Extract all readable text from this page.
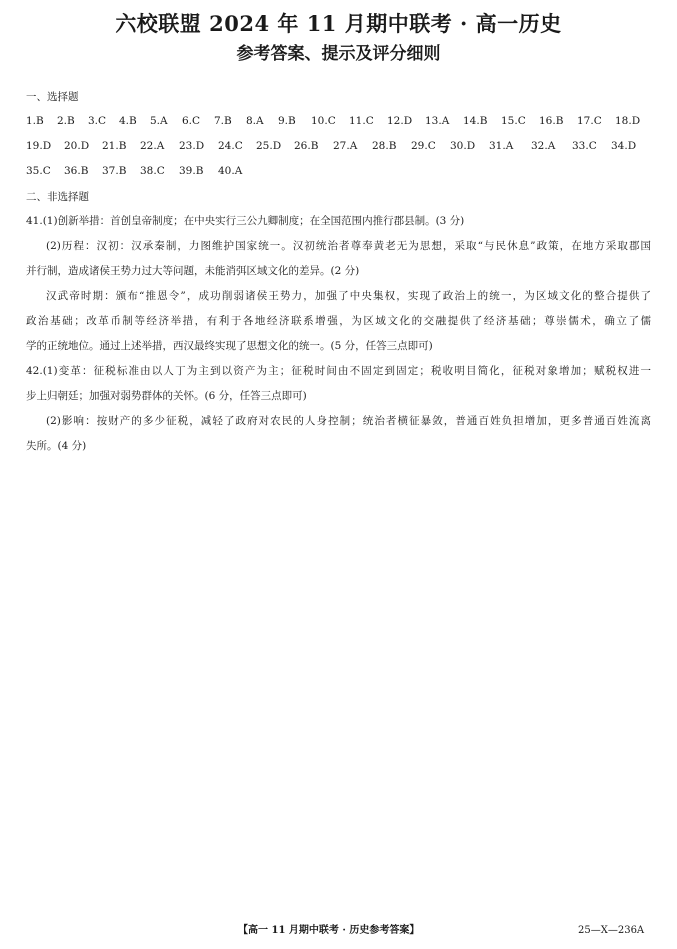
六校联盟 2024 年 11 月期中联考 · 高一历史
参考答案、提示及评分细则
一、选择题
1.B 2.B 3.C 4.B 5.A 6.C 7.B 8.A 9.B 10.C 11.C 12.D 13.A 14.B 15.C 16.B 17.C 18.D
19.D 20.D 21.B 22.A 23.D 24.C 25.D 26.B 27.A 28.B 29.C 30.D 31.A 32.A 33.C 34.D
35.C 36.B 37.B 38.C 39.B 40.A
二、非选择题
41.(1)创新举措：首创皇帝制度；在中央实行三公九卿制度；在全国范围内推行郡县制。(3 分)
(2)历程：汉初：汉承秦制，力图维护国家统一。汉初统治者尊奉黄老无为思想，采取“与民休息”政策，在地方采取郡国
并行制，造成诸侯王势力过大等问题，未能消弭区域文化的差异。(2 分)
汉武帝时期：颁布“推恩令”，成功削弱诸侯王势力，加强了中央集权，实现了政治上的统一，为区域文化的整合提供了
政治基础；改革币制等经济举措，有利于各地经济联系增强，为区域文化的交融提供了经济基础；尊崇儒术，确立了儒
学的正统地位。通过上述举措，西汉最终实现了思想文化的统一。(5 分，任答三点即可)
42.(1)变革：征税标准由以人丁为主到以资产为主；征税时间由不固定到固定；税收明目简化，征税对象增加；赋税权进一
步上归朝廷；加强对弱势群体的关怀。(6 分，任答三点即可)
(2)影响：按财产的多少征税，减轻了政府对农民的人身控制；统治者横征暴敛，普通百姓负担增加，更多普通百姓流离
失所。(4 分)
【高一 11 月期中联考 · 历史参考答案】	25—X—236A
